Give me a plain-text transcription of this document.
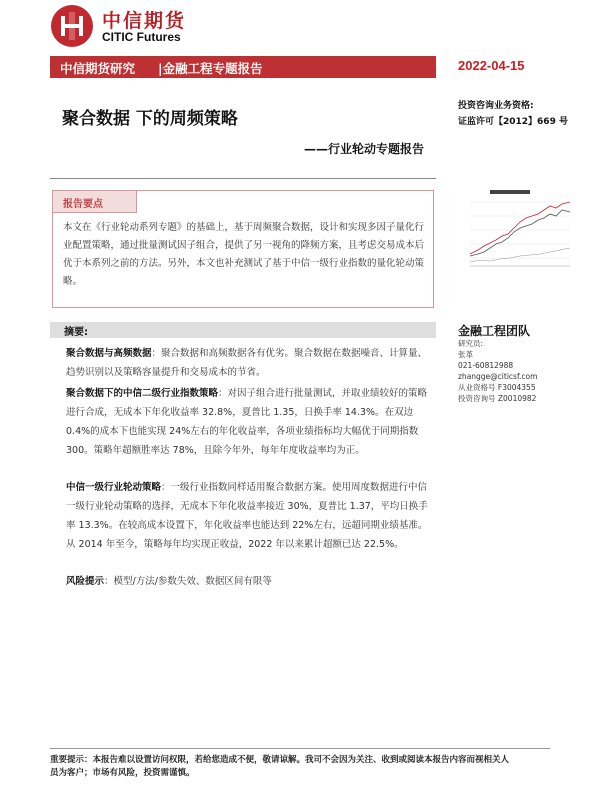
中信期货
CITIC Futures
中信期货研究 |金融工程专题报告	2022-04-15
聚合数据 下的周频策略
——行业轮动专题报告
投资咨询业务资格:
证监许可【2012】669 号
报告要点
本文在《行业轮动系列专题》的基础上，基于周频聚合数据，设计和实现多因子量化行业配置策略，通过批量测试因子组合，提供了另一视角的降频方案，且考虑交易成本后优于本系列之前的方法。另外，本文也补充测试了基于中信一级行业指数的量化轮动策略。
摘要:
聚合数据与高频数据：聚合数据和高频数据各有优劣。聚合数据在数据噪音、计算量、趋势识别以及策略容量提升和交易成本的节省。
聚合数据下的中信二级行业指数策略：对因子组合进行批量测试，并取业绩较好的策略进行合成，无成本下年化收益率 32.8%，夏普比 1.35，日换手率 14.3%。在双边 0.4%的成本下也能实现 24%左右的年化收益率，各项业绩指标均大幅优于同期指数 300。策略年超额胜率达 78%，且除今年外，每年年度收益率均为正。
中信一级行业轮动策略：一级行业指数同样适用聚合数据方案。使用周度数据进行中信一级行业轮动策略的选择，无成本下年化收益率接近 30%，夏普比 1.37，平均日换手率 13.3%。在较高成本设置下，年化收益率也能达到 22%左右，远超同期业绩基准。从 2014 年至今，策略每年均实现正收益，2022 年以来累计超额已达 22.5%。
风险提示：模型/方法/参数失效、数据区间有限等
金融工程团队
研究员:
张革
021-60812988
zhangge@citicsf.com
从业资格号 F3004355
投资咨询号 Z0010982
重要提示：本报告难以设置访问权限，若给您造成不便，敬请谅解。我司不会因为关注、收到或阅读本报告内容而视相关人
员为客户；市场有风险，投资需谨慎。
